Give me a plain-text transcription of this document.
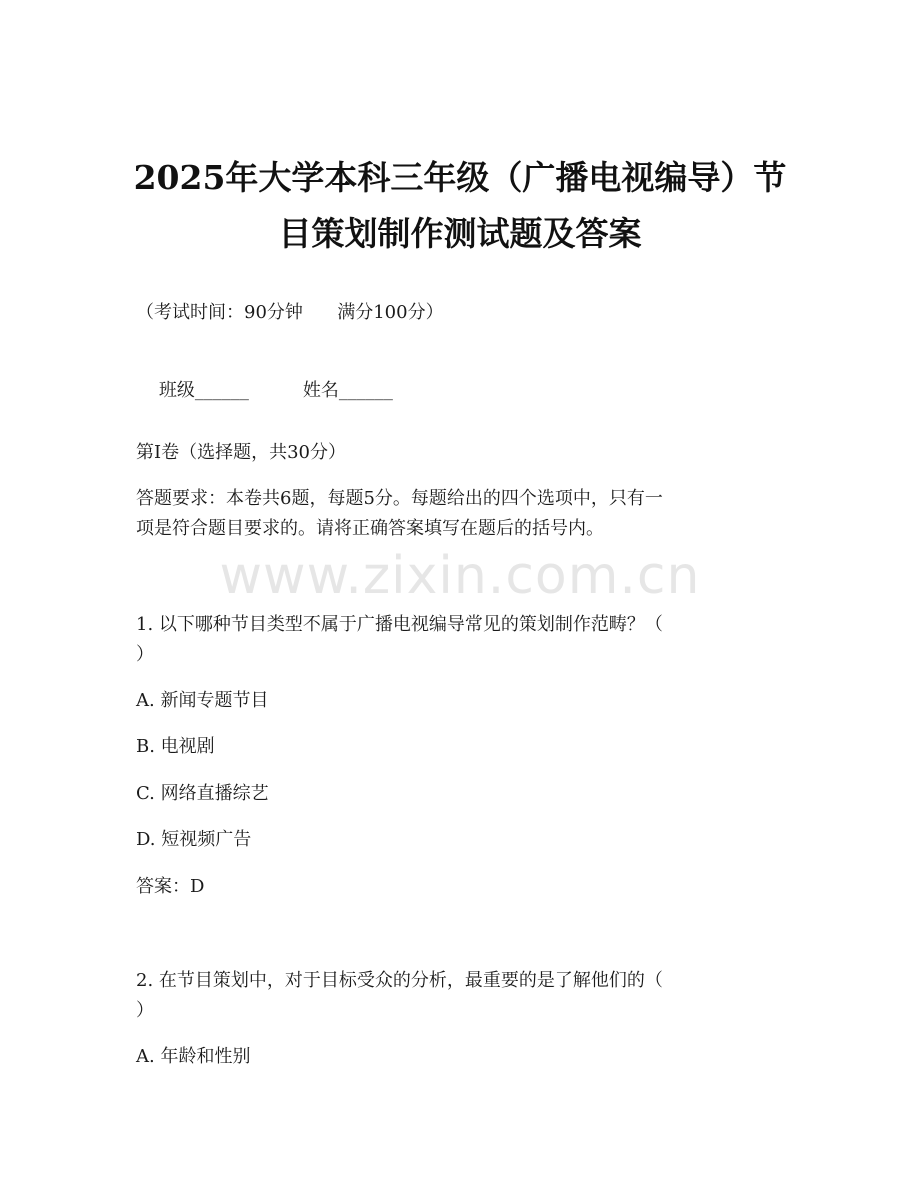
www.zixin.com.cn
2025年大学本科三年级（广播电视编导）节
目策划制作测试题及答案
（考试时间：90分钟      满分100分）

班级______	姓名______

第I卷（选择题，共30分）
答题要求：本卷共6题，每题5分。每题给出的四个选项中，只有一
项是符合题目要求的。请将正确答案填写在题后的括号内。
1. 以下哪种节目类型不属于广播电视编导常见的策划制作范畴？（
）
A. 新闻专题节目
B. 电视剧
C. 网络直播综艺
D. 短视频广告
答案：D
2. 在节目策划中，对于目标受众的分析，最重要的是了解他们的（
）
A. 年龄和性别
